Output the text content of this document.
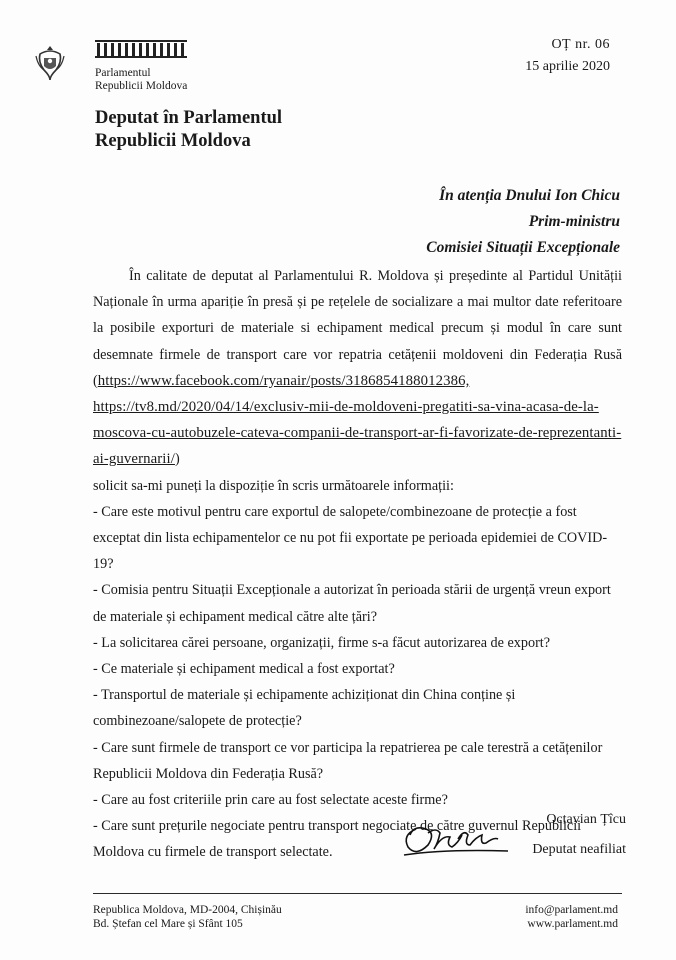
Parlamentul
Republicii Moldova
OȚ nr. 06
15 aprilie 2020
Deputat în Parlamentul
Republicii Moldova
În atenția Dnului Ion Chicu
Prim-ministru
Comisiei Situații Excepționale

În calitate de deputat al Parlamentului R. Moldova și președinte al Partidul Unității Naționale în urma apariție în presă și pe rețelele de socializare a mai multor date referitoare la posibile exporturi de materiale si echipament medical precum și modul în care sunt desemnate firmele de transport care vor repatria cetățenii moldoveni din Federația Rusă (https://www.facebook.com/ryanair/posts/3186854188012386, https://tv8.md/2020/04/14/exclusiv-mii-de-moldoveni-pregatiti-sa-vina-acasa-de-la-moscova-cu-autobuzele-cateva-companii-de-transport-ar-fi-favorizate-de-reprezentanti-ai-guvernarii/)

solicit sa-mi puneți la dispoziție în scris următoarele informații:

- Care este motivul pentru care exportul de salopete/combinezoane de protecție a fost exceptat din lista echipamentelor ce nu pot fii exportate pe perioada epidemiei de COVID-19?

- Comisia pentru Situații Excepționale a autorizat în perioada stării de urgență vreun export de materiale și echipament medical către alte țări?

- La solicitarea cărei persoane, organizații, firme s-a făcut autorizarea de export?

- Ce materiale și echipament medical a fost exportat?

- Transportul de materiale și echipamente achiziționat din China conține și combinezoane/salopete de protecție?

- Care sunt firmele de transport ce vor participa la repatrierea pe cale terestră a cetățenilor Republicii Moldova din Federația Rusă?

- Care au fost criteriile prin care au fost selectate aceste firme?

- Care sunt prețurile negociate pentru transport negociate de către guvernul Republicii Moldova cu firmele de transport selectate.

Octavian Țîcu
Deputat neafiliat
Republica Moldova, MD-2004, Chișinău
Bd. Ștefan cel Mare și Sfânt 105
info@parlament.md
www.parlament.md
